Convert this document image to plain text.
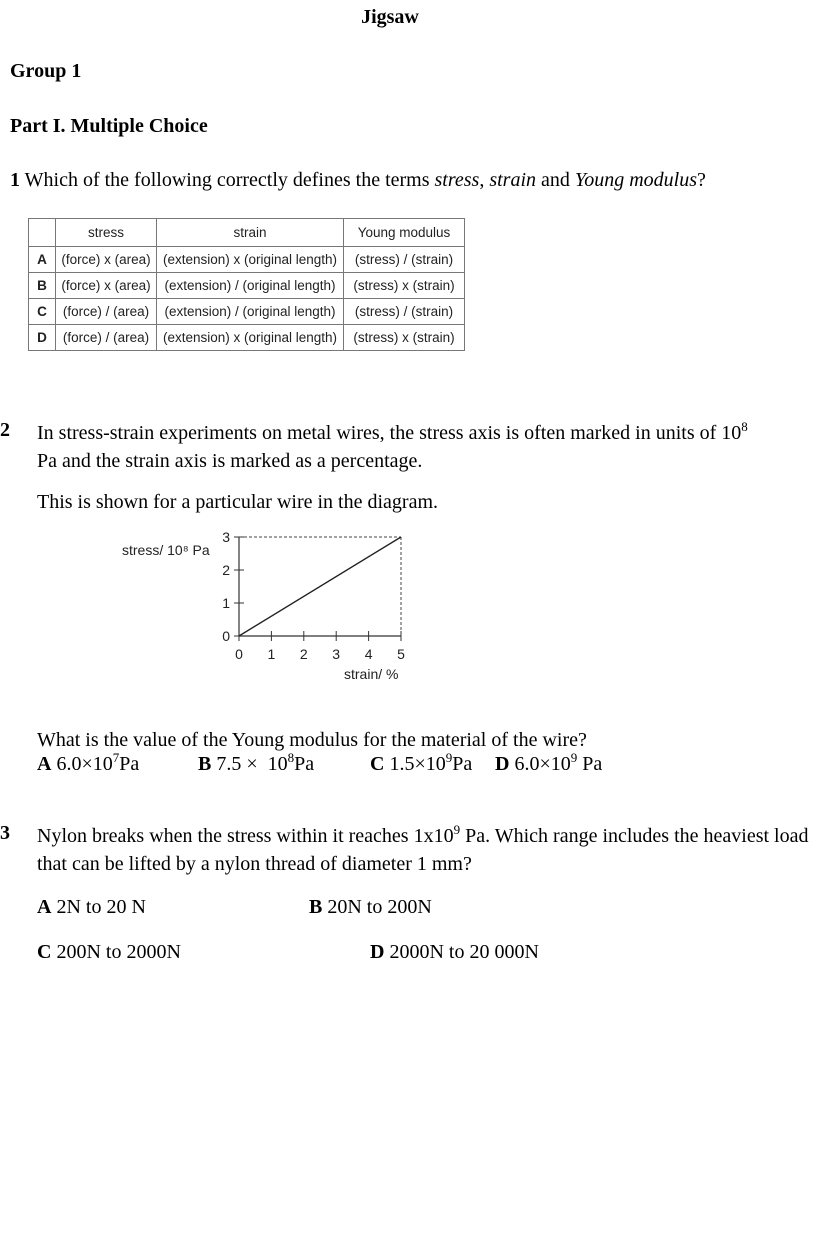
Jigsaw
Group 1
Part I. Multiple Choice
1 Which of the following correctly defines the terms stress, strain and Young modulus?
	stress	strain	Young modulus
A	(force) x (area)	(extension) x (original length)	(stress) / (strain)
B	(force) x (area)	(extension) / (original length)	(stress) x (strain)
C	(force) / (area)	(extension) / (original length)	(stress) / (strain)
D	(force) / (area)	(extension) x (original length)	(stress) x (strain)
2 In stress-strain experiments on metal wires, the stress axis is often marked in units of $10^8$
Pa and the strain axis is marked as a percentage.
This is shown for a particular wire in the diagram.
stress/ 10⁸ Pa
strain/ %
0
1
2
3
0 1 2 3 4 5
What is the value of the Young modulus for the material of the wire?
A $6.0\times 10^7Pa$	B $7.5 \times 10^8Pa$	C $1.5\times 10^9Pa$ D $6.0\times 10^9$ Pa
3 Nylon breaks when the stress within it reaches $1x10^9$ Pa. Which range includes the heaviest load that can be lifted by a nylon thread of diameter 1 mm?
A 2N to 20 N	B 20N to 200N
C 200N to 2000N	D 2000N to 20 000N
